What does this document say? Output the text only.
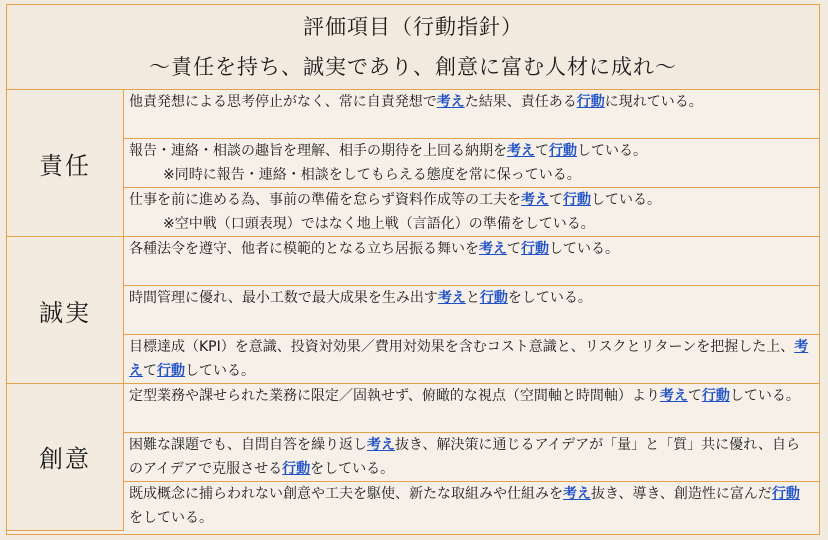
評価項目（行動指針）
～責任を持ち、誠実であり、創意に富む人材に成れ～
責任	他責発想による思考停止がなく、常に自責発想で考えた結果、責任ある行動に現れている。

	報告・連絡・相談の趣旨を理解、相手の期待を上回る納期を考えて行動している。
※同時に報告・連絡・相談をしてもらえる態度を常に保っている。

	仕事を前に進める為、事前の準備を怠らず資料作成等の工夫を考えて行動している。
※空中戦（口頭表現）ではなく地上戦（言語化）の準備をしている。

誠実	各種法令を遵守、他者に模範的となる立ち居振る舞いを考えて行動している。

	時間管理に優れ、最小工数で最大成果を生み出す考えと行動をしている。

	目標達成（KPI）を意識、投資対効果／費用対効果を含むコスト意識と、リスクとリターンを把握した上、考えて行動している。

創意	定型業務や課せられた業務に限定／固執せず、俯瞰的な視点（空間軸と時間軸）より考えて行動している。

	困難な課題でも、自問自答を繰り返し考え抜き、解決策に通じるアイデアが「量」と「質」共に優れ、自らのアイデアで克服させる行動をしている。

	既成概念に捕らわれない創意や工夫を駆使、新たな取組みや仕組みを考え抜き、導き、創造性に富んだ行動をしている。
